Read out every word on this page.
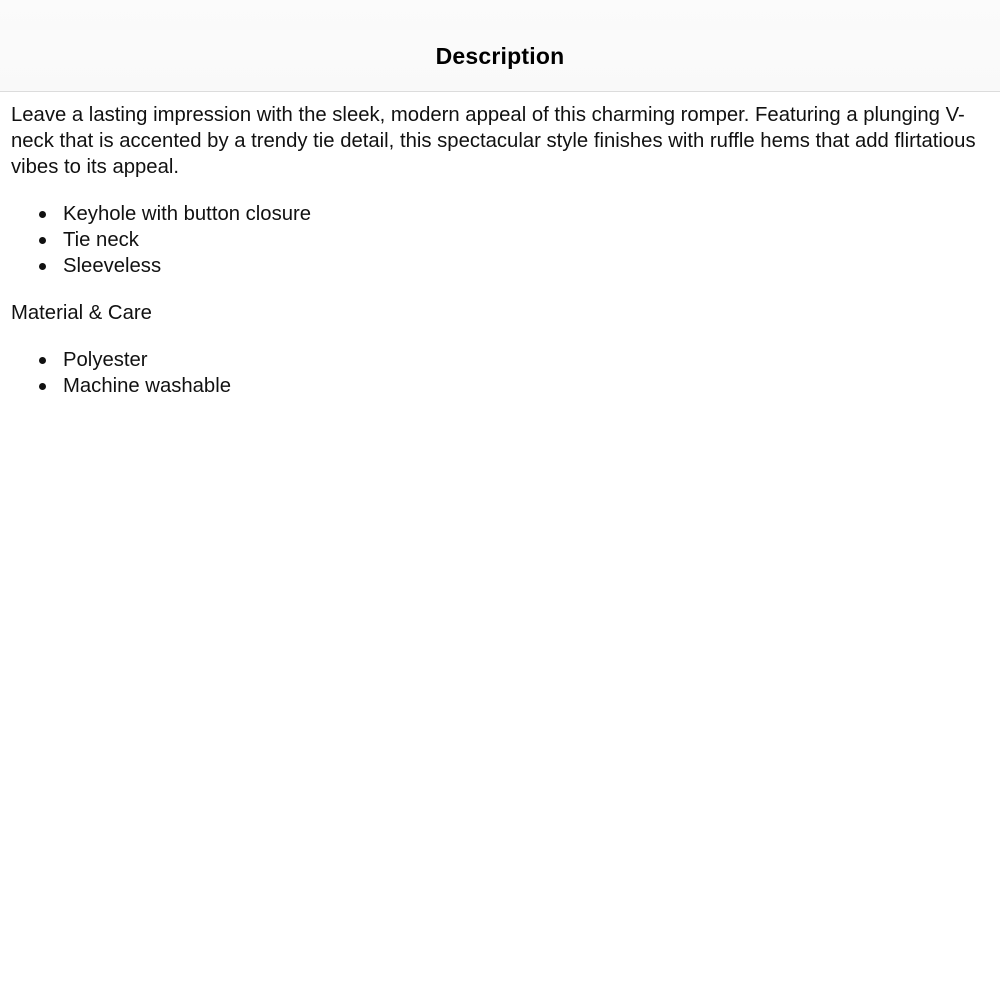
Description

Leave a lasting impression with the sleek, modern appeal of this charming romper. Featuring a plunging V-neck that is accented by a trendy tie detail, this spectacular style finishes with ruffle hems that add flirtatious vibes to its appeal.

Keyhole with button closure
Tie neck
Sleeveless

Material & Care

Polyester
Machine washable
